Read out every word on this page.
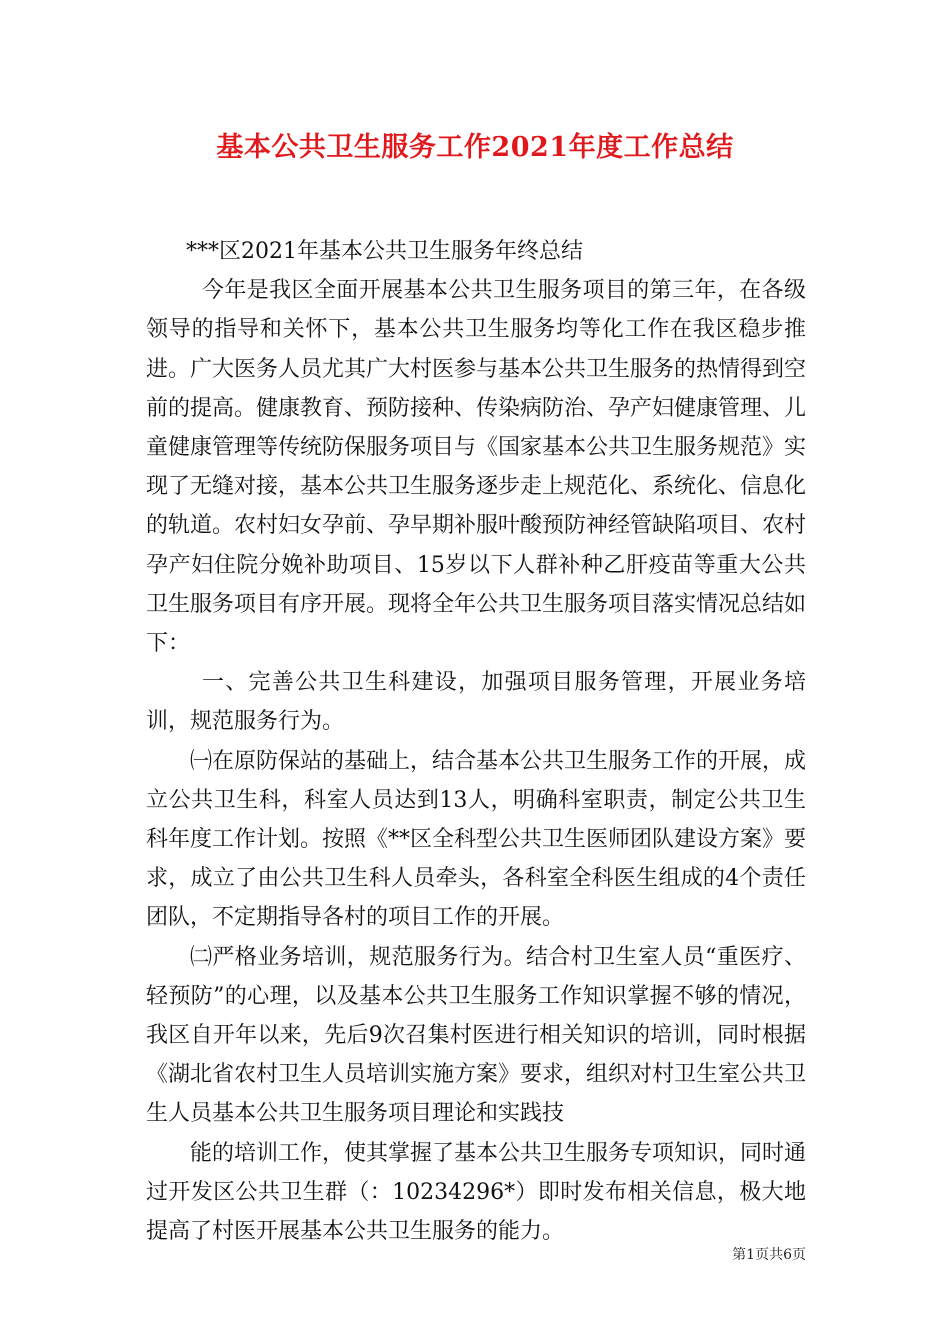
基本公共卫生服务工作2021年度工作总结

***区2021年基本公共卫生服务年终总结

今年是我区全面开展基本公共卫生服务项目的第三年，在各级领导的指导和关怀下，基本公共卫生服务均等化工作在我区稳步推进。广大医务人员尤其广大村医参与基本公共卫生服务的热情得到空前的提高。健康教育、预防接种、传染病防治、孕产妇健康管理、儿童健康管理等传统防保服务项目与《国家基本公共卫生服务规范》实现了无缝对接，基本公共卫生服务逐步走上规范化、系统化、信息化的轨道。农村妇女孕前、孕早期补服叶酸预防神经管缺陷项目、农村孕产妇住院分娩补助项目、15岁以下人群补种乙肝疫苗等重大公共卫生服务项目有序开展。现将全年公共卫生服务项目落实情况总结如下：

一、完善公共卫生科建设，加强项目服务管理，开展业务培训，规范服务行为。

㈠在原防保站的基础上，结合基本公共卫生服务工作的开展，成立公共卫生科，科室人员达到13人，明确科室职责，制定公共卫生科年度工作计划。按照《**区全科型公共卫生医师团队建设方案》要求，成立了由公共卫生科人员牵头，各科室全科医生组成的4个责任团队，不定期指导各村的项目工作的开展。

㈡严格业务培训，规范服务行为。结合村卫生室人员“重医疗、轻预防”的心理，以及基本公共卫生服务工作知识掌握不够的情况，我区自开年以来，先后9次召集村医进行相关知识的培训，同时根据《湖北省农村卫生人员培训实施方案》要求，组织对村卫生室公共卫生人员基本公共卫生服务项目理论和实践技

能的培训工作，使其掌握了基本公共卫生服务专项知识，同时通过开发区公共卫生群（：10234296*）即时发布相关信息，极大地提高了村医开展基本公共卫生服务的能力。

第1页共6页
